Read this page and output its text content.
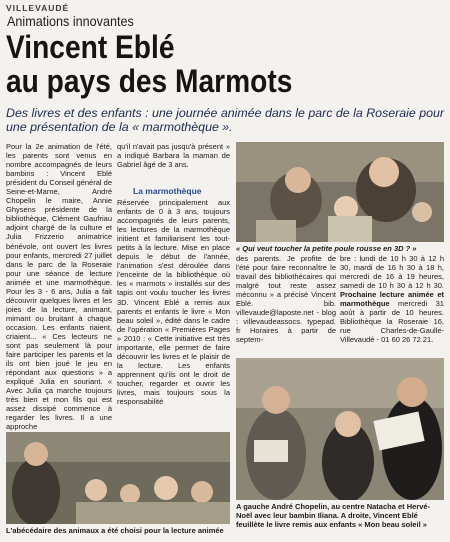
VILLEVAUDÉ
Animations innovantes
Vincent Eblé
au pays des Marmots
Des livres et des enfants : une journée animée dans le parc de la Roseraie pour une présentation de la « marmothèque ».

Pour la 2e animation de l'été, les parents sont venus en nombre accompagnés de leurs bambins : Vincent Eblé président du Conseil général de Seine-et-Marne, André Chopelin le maire, Annie Ghysens présidente de la bibliothèque, Clément Gaufriau adjoint chargé de la culture et Julia Frizzerio animatrice bénévole, ont ouvert les livres pour enfants, mercredi 27 juillet dans le parc de la Roseraie pour une séance de lecture animée et une marmothèque. Pour les 3 - 6 ans, Julia a fait découvrir quelques livres et les joies de la lecture, animant, mimant ou bruitant à chaque occasion. Les enfants riaient, criaient... « Ces lecteurs ne sont pas seulement là pour faire participer les parents et la ils ont bien joué le jeu en répondant aux questions » a expliqué Julia en souriant. « Avec Julia ça marche toujours très bien et mon fils qui est assez dissipé commence à regarder les livres. Il a une approche

qu'il n'avait pas jusqu'à présent » a indiqué Barbara la maman de Gabriel âgé de 3 ans.

La marmothèque

Réservée principalement aux enfants de 0 à 3 ans, toujours accompagnés de leurs parents, les lectures de la marmothèque initient et familiarisent les tout-petits à la lecture. Mise en place depuis le début de l'année, l'animation s'est déroulée dans l'enceinte de la bibliothèque où les « marmots » installés sur des tapis ont voulu toucher les livres 3D. Vincent Eblé a remis aux parents et enfants le livre « Mon beau soleil », édité dans le cadre de l'opération « Premières Pages » 2010 : « Cette initiative est très importante, elle permet de faire découvrir les livres et le plaisir de la lecture. Les enfants apprennent qu'ils ont le droit de toucher, regarder et ouvrir les livres, mais toujours sous la responsabilité

« Qui veut toucher la petite poule rousse en 3D ? »

des parents. Je profite de l'été pour faire reconnaître le travail des bibliothécaires qui malgré tout reste assez méconnu » a précisé Vincent Eblé. bib. villevaude@laposte.net - blog : villevaudeassocs. typepad. fr Horaires à partir de septem-

bre : lundi de 10 h 30 à 12 h 30, mardi de 16 h 30 à 18 h, mercredi de 16 à 19 heures, samedi de 10 h 30 à 12 h 30. Prochaine lecture animée et marmothèque mercredi 31 août à partir de 10 heures. Bibliothèque la Roseraie 16, rue Charles-de-Gaulle- Villevaudé - 01 60 26 72 21.

L'abécédaire des animaux a été choisi pour la lecture animée
A gauche André Chopelin, au centre Natacha et Hervé-Noël avec leur bambin Iliana. A droite, Vincent Eblé feuillète le livre remis aux enfants « Mon beau soleil »
